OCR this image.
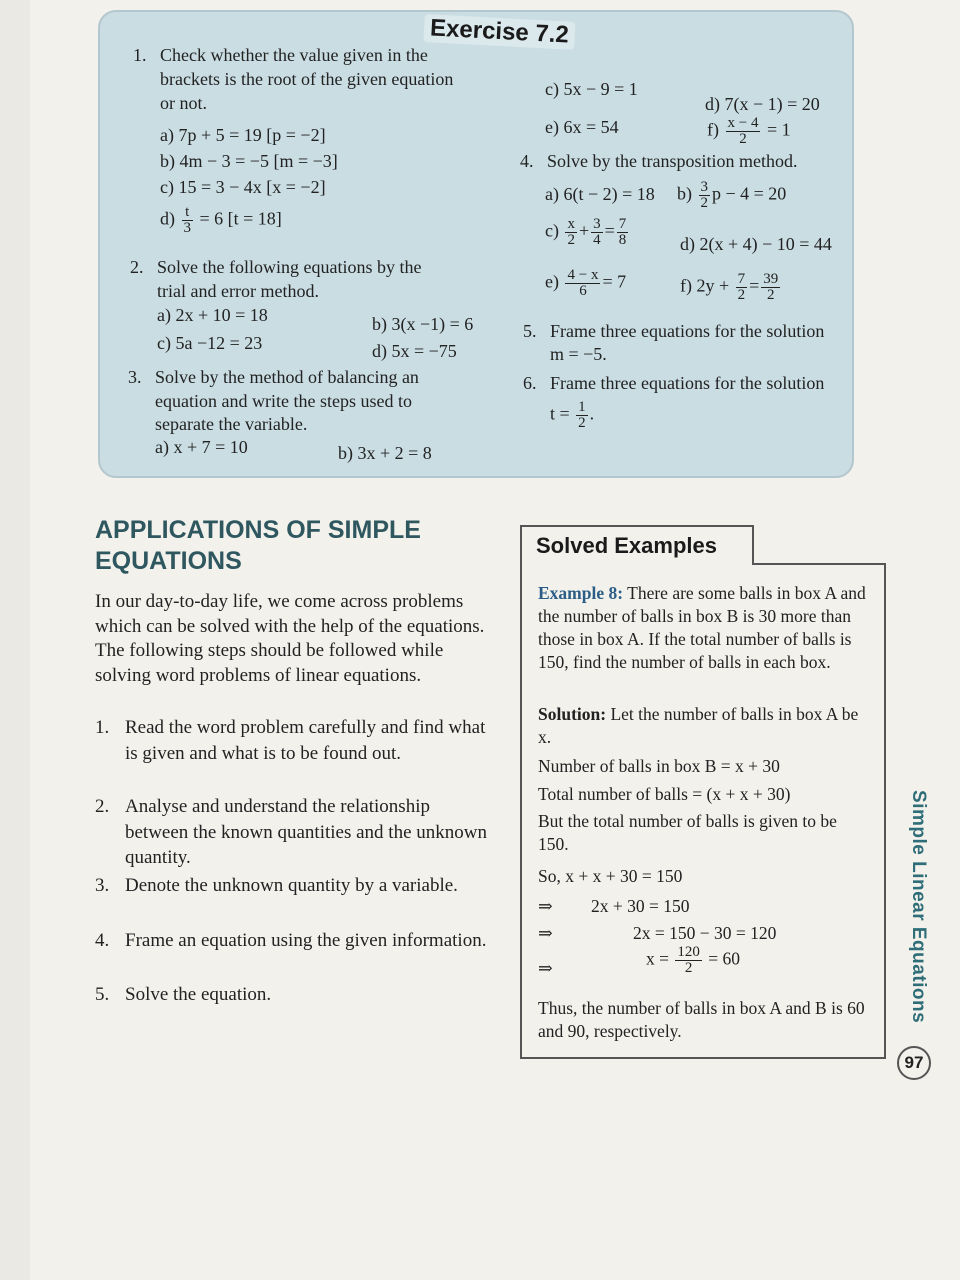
Exercise 7.2
1. Check whether the value given in the
brackets is the root of the given equation
or not.
a) 7p + 5 = 19 [p = −2]
b) 4m − 3 = −5 [m = −3]
c) 15 = 3 − 4x [x = −2]
$d) \frac{t}{3} = 6$ [t = 18]
2. Solve the following equations by the
trial and error method.
a) 2x + 10 = 18	b) 3(x −1) = 6
c) 5a −12 = 23	d) 5x = −75
3. Solve by the method of balancing an
equation and write the steps used to
separate the variable.
a) x + 7 = 10	b) 3x + 2 = 8
c) 5x − 9 = 1
d) 7(x − 1) = 20
e) 6x = 54	$f) \frac{x - 4}{2} = 1$
4. Solve by the transposition method.
a) 6(t − 2) = 18 $b) \frac{3}{2}$ p − 4 = 20
$c) \frac{x}{2} + \frac{3}{4} = \frac{7}{8}$	d) 2(x + 4) − 10 = 44
$e) \frac{4 - x}{6} = 7$	f) $2y + \frac{7}{2} = \frac{39}{2}$
5. Frame three equations for the solution
m = −5.
6. Frame three equations for the solution
$t = \frac{1}{2}$ .
APPLICATIONS OF SIMPLE EQUATIONS
In our day-to-day life, we come across problems which can be solved with the help of the equations. The following steps should be followed while solving word problems of linear equations.
1. Read the word problem carefully and find what is given and what is to be found out.
2. Analyse and understand the relationship between the known quantities and the unknown quantity.
3. Denote the unknown quantity by a variable.
4. Frame an equation using the given information.
5. Solve the equation.
Solved Examples
Example 8: There are some balls in box A and the number of balls in box B is 30 more than those in box A. If the total number of balls is 150, find the number of balls in each box.
Solution: Let the number of balls in box A be x.
Number of balls in box B = x + 30
Total number of balls = (x + x + 30)
But the total number of balls is given to be 150.
So, x + x + 30 = 150
⇒ 2x + 30 = 150
⇒	2x = 150 − 30 = 120
⇒	$x = \frac{120}{2} = 60$
Thus, the number of balls in box A and B is 60 and 90, respectively.
Simple Linear Equations
97
